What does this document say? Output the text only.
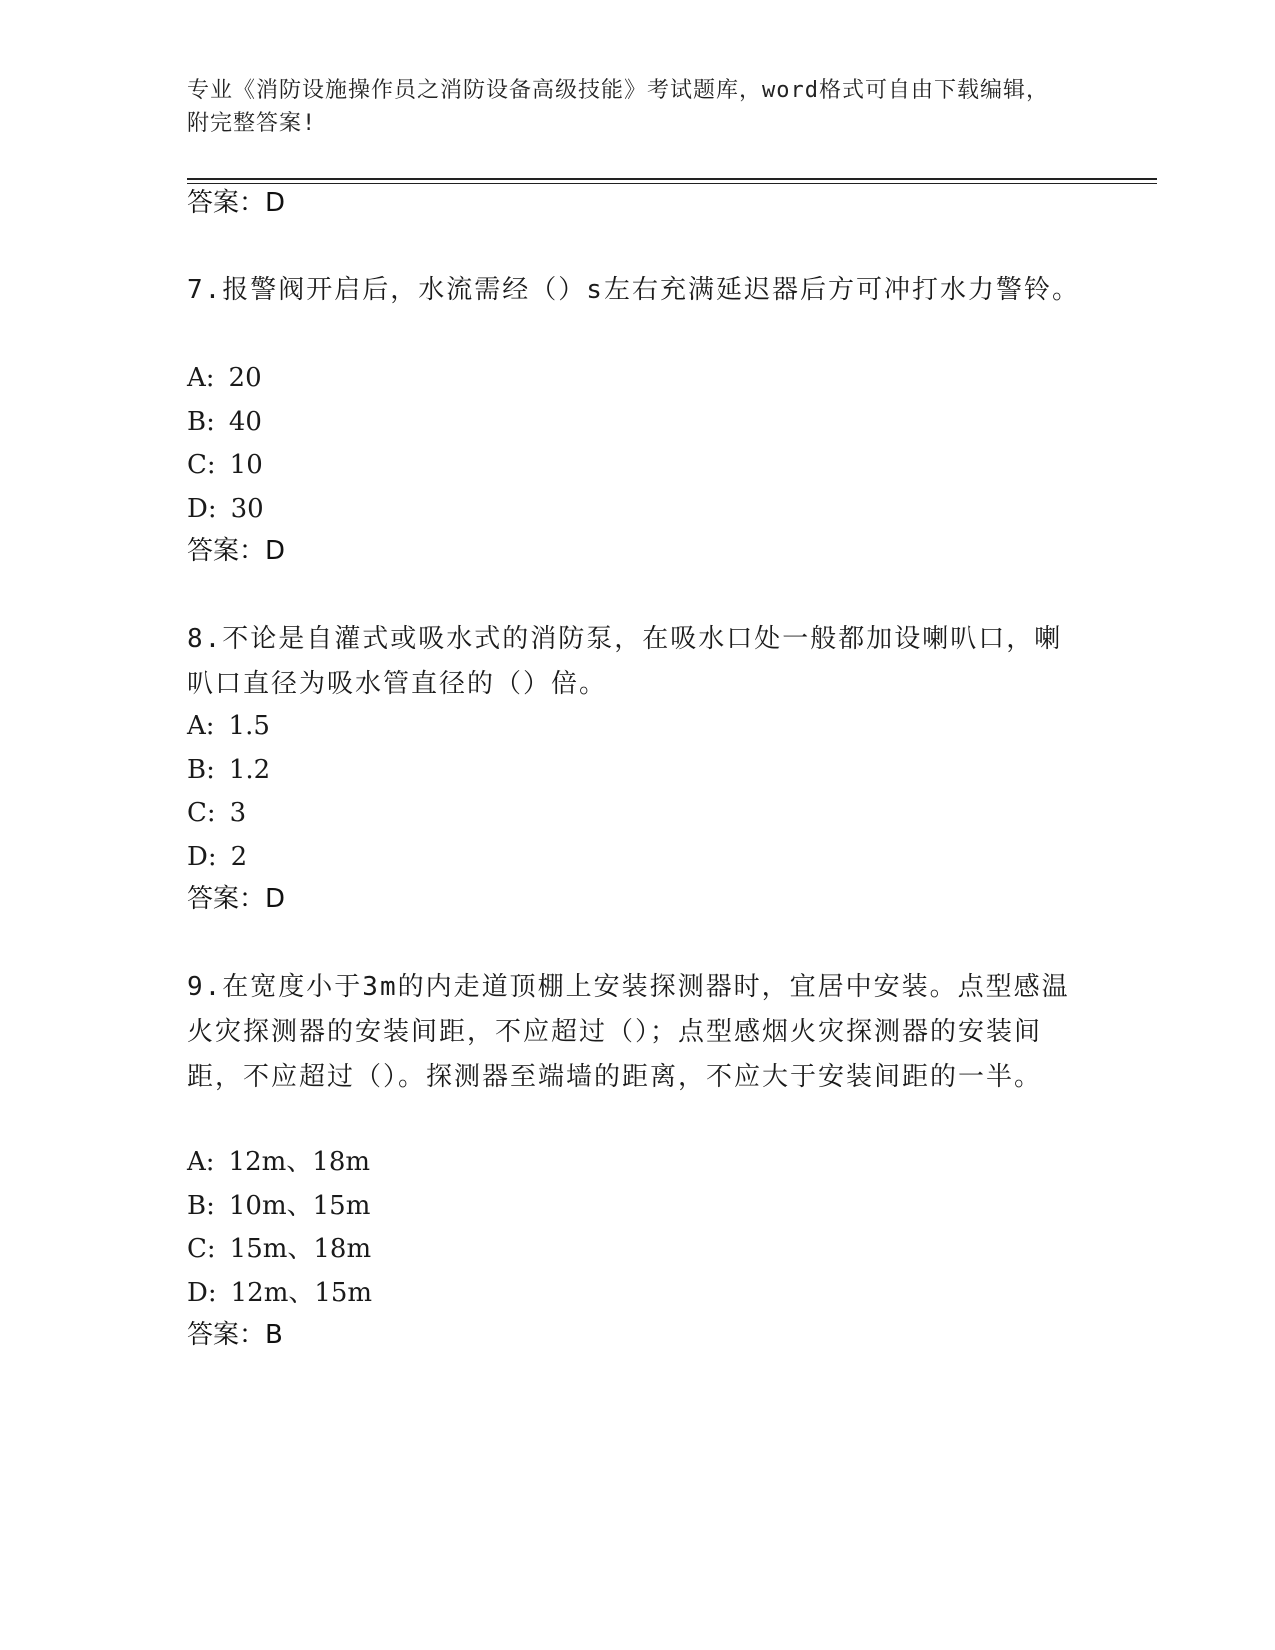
专业《消防设施操作员之消防设备高级技能》考试题库，word格式可自由下载编辑，附完整答案!
答案：D
7.报警阀开启后，水流需经（）s左右充满延迟器后方可冲打水力警铃。
A: 20
B: 40
C: 10
D: 30
答案：D
8.不论是自灌式或吸水式的消防泵，在吸水口处一般都加设喇叭口，喇叭口直径为吸水管直径的（）倍。
A: 1.5
B: 1.2
C: 3
D: 2
答案：D
9.在宽度小于3m的内走道顶棚上安装探测器时，宜居中安装。点型感温火灾探测器的安装间距，不应超过（）；点型感烟火灾探测器的安装间距，不应超过（）。探测器至端墙的距离，不应大于安装间距的一半。
A: 12m、18m
B: 10m、15m
C: 15m、18m
D: 12m、15m
答案：B
